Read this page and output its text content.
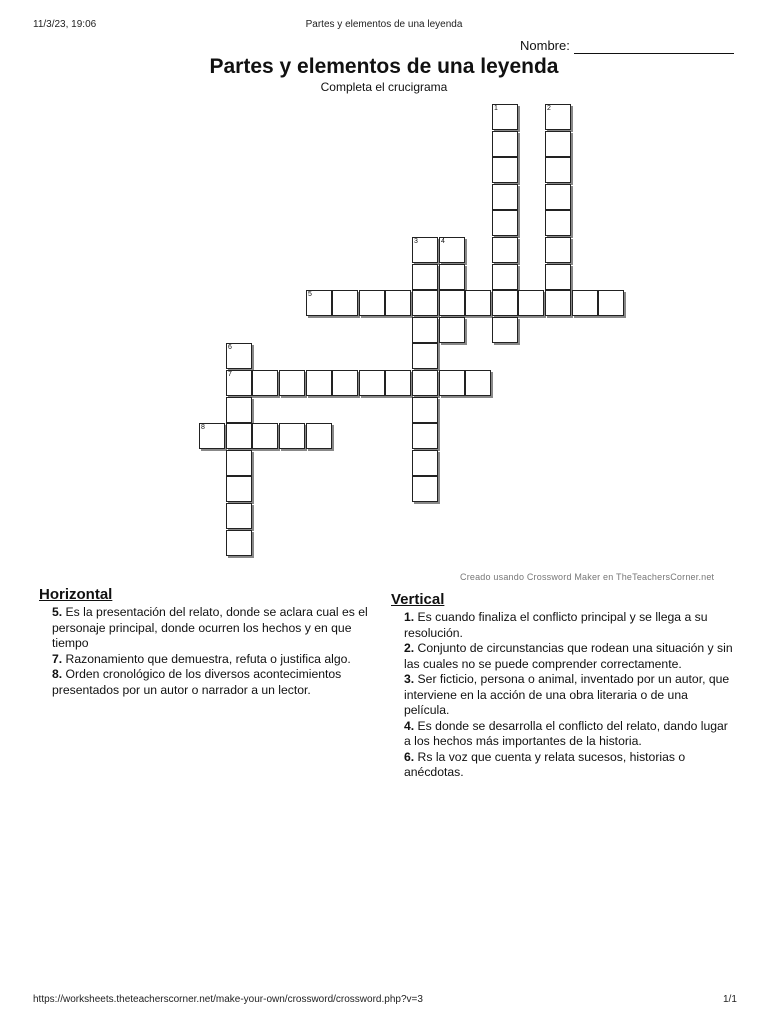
11/3/23, 19:06	Partes y elementos de una leyenda
Nombre:
Partes y elementos de una leyenda
Completa el crucigrama
1	2
3	4
5
6
7
8
Creado usando Crossword Maker en TheTeachersCorner.net
Horizontal
5. Es la presentación del relato, donde se aclara cual es el personaje principal, donde ocurren los hechos y en que tiempo
7. Razonamiento que demuestra, refuta o justifica algo.
8. Orden cronológico de los diversos acontecimientos presentados por un autor o narrador a un lector.
Vertical
1. Es cuando finaliza el conflicto principal y se llega a su resolución.
2. Conjunto de circunstancias que rodean una situación y sin las cuales no se puede comprender correctamente.
3. Ser ficticio, persona o animal, inventado por un autor, que interviene en la acción de una obra literaria o de una película.
4. Es donde se desarrolla el conflicto del relato, dando lugar a los hechos más importantes de la historia.
6. Rs la voz que cuenta y relata sucesos, historias o anécdotas.
https://worksheets.theteacherscorner.net/make-your-own/crossword/crossword.php?v=3	1/1
